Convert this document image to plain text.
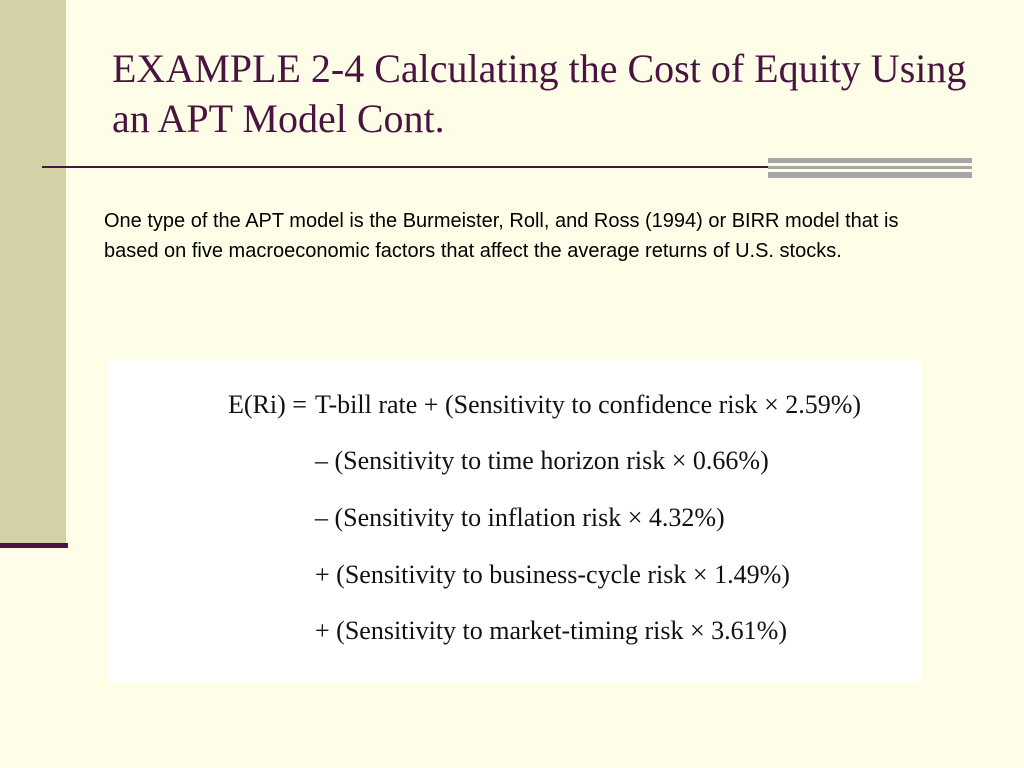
EXAMPLE 2-4 Calculating the Cost of Equity Using an APT Model Cont.

One type of the APT model is the Burmeister, Roll, and Ross (1994) or BIRR model that is based on five macroeconomic factors that affect the average returns of U.S. stocks.

E(Ri) = T-bill rate + (Sensitivity to confidence risk × 2.59%)
– (Sensitivity to time horizon risk × 0.66%)
– (Sensitivity to inflation risk × 4.32%)
+ (Sensitivity to business-cycle risk × 1.49%)
+ (Sensitivity to market-timing risk × 3.61%)
